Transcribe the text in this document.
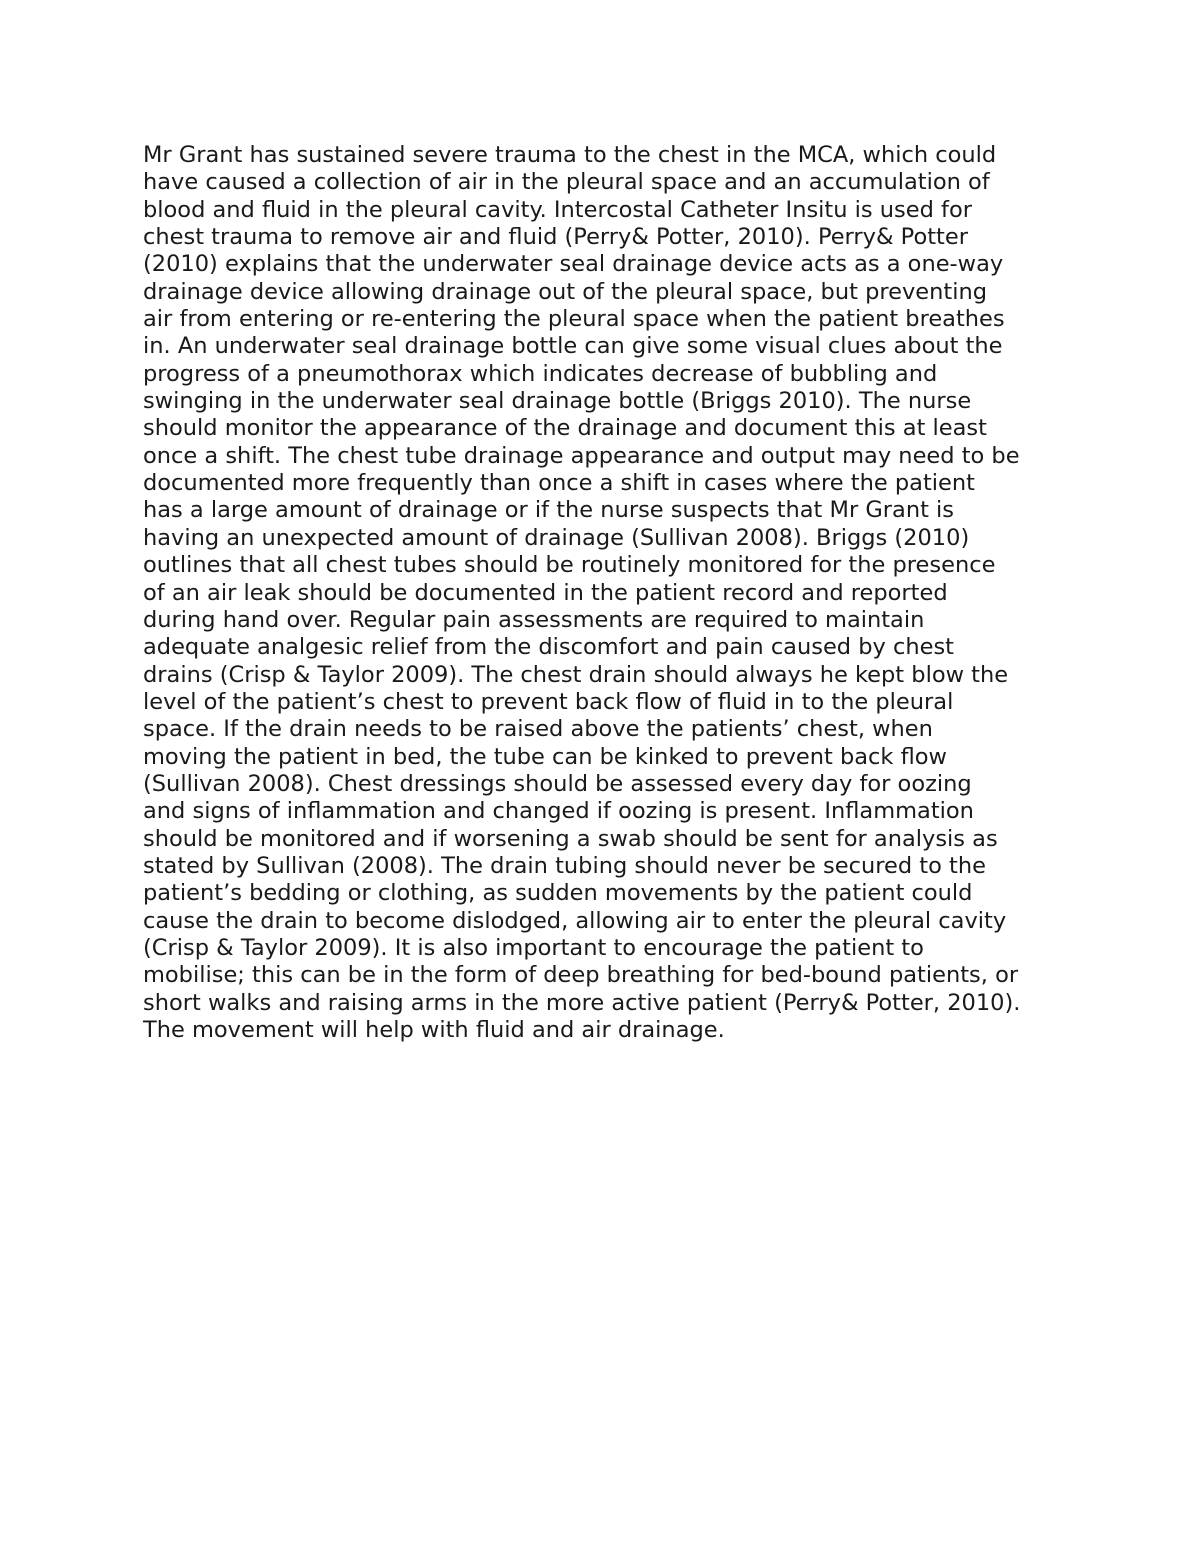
Mr Grant has sustained severe trauma to the chest in the MCA, which could
have caused a collection of air in the pleural space and an accumulation of
blood and fluid in the pleural cavity. Intercostal Catheter Insitu is used for
chest trauma to remove air and fluid (Perry& Potter, 2010). Perry& Potter
(2010) explains that the underwater seal drainage device acts as a one-way
drainage device allowing drainage out of the pleural space, but preventing
air from entering or re-entering the pleural space when the patient breathes
in. An underwater seal drainage bottle can give some visual clues about the
progress of a pneumothorax which indicates decrease of bubbling and
swinging in the underwater seal drainage bottle (Briggs 2010). The nurse
should monitor the appearance of the drainage and document this at least
once a shift. The chest tube drainage appearance and output may need to be
documented more frequently than once a shift in cases where the patient
has a large amount of drainage or if the nurse suspects that Mr Grant is
having an unexpected amount of drainage (Sullivan 2008). Briggs (2010)
outlines that all chest tubes should be routinely monitored for the presence
of an air leak should be documented in the patient record and reported
during hand over. Regular pain assessments are required to maintain
adequate analgesic relief from the discomfort and pain caused by chest
drains (Crisp & Taylor 2009). The chest drain should always he kept blow the
level of the patient’s chest to prevent back flow of fluid in to the pleural
space. If the drain needs to be raised above the patients’ chest, when
moving the patient in bed, the tube can be kinked to prevent back flow
(Sullivan 2008). Chest dressings should be assessed every day for oozing
and signs of inflammation and changed if oozing is present. Inflammation
should be monitored and if worsening a swab should be sent for analysis as
stated by Sullivan (2008). The drain tubing should never be secured to the
patient’s bedding or clothing, as sudden movements by the patient could
cause the drain to become dislodged, allowing air to enter the pleural cavity
(Crisp & Taylor 2009). It is also important to encourage the patient to
mobilise; this can be in the form of deep breathing for bed-bound patients, or
short walks and raising arms in the more active patient (Perry& Potter, 2010).
The movement will help with fluid and air drainage.
